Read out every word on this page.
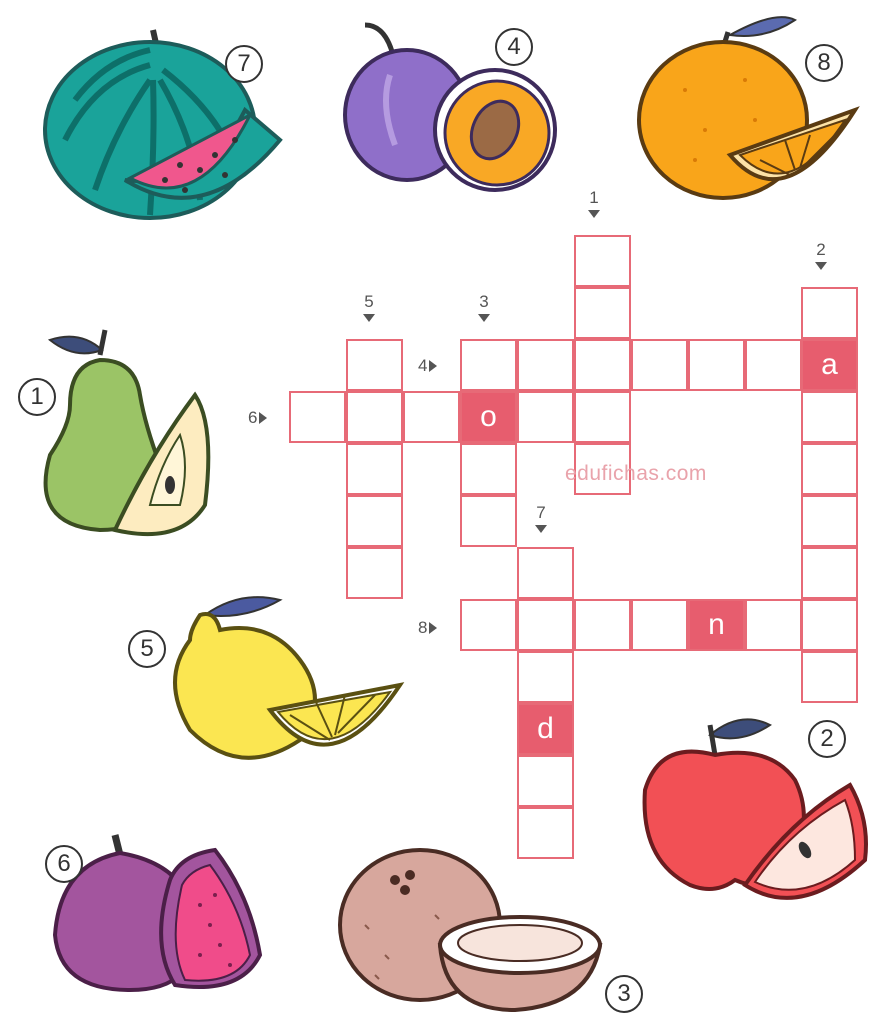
7
4
8
1
5
2
6
3
a
o
d
n
1
2
5	3
7
4
6
8
edufichas.com
